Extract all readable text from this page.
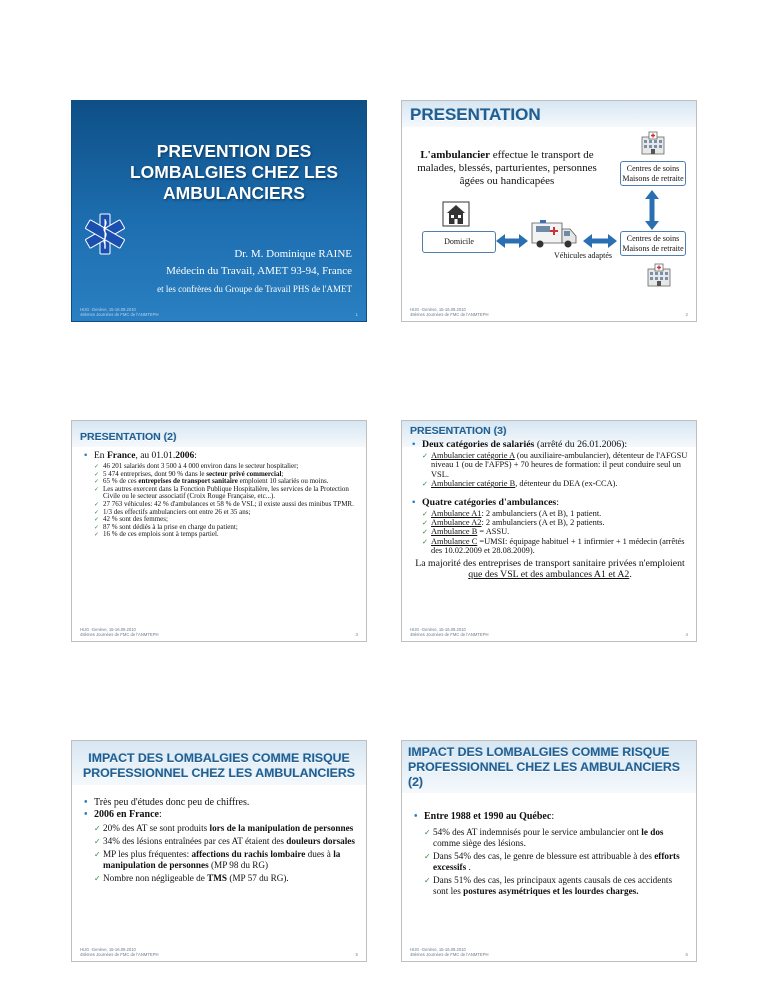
PREVENTION DES LOMBALGIES CHEZ LES AMBULANCIERS
Dr. M. Dominique RAINE
Médecin du Travail, AMET 93-94, France
et les confrères du Groupe de Travail PHS de l'AMET
HUG -Genève, 15-16.09.2010
48èmes Journées de FMC de l'ANMTEPH	1
PRESENTATION
L'ambulancier effectue le transport de malades, blessés, parturientes, personnes âgées ou handicapées
Centres de soins Maisons de retraite
Centres de soins Maisons de retraite
Domicile
Véhicules adaptés
HUG -Genève, 15-16.09.2010
48èmes Journées de FMC de l'ANMTEPH	2
PRESENTATION (2)
• En France, au 01.01.2006:
✓ 46 201 salariés dont 3 500 à 4 000 environ dans le secteur hospitalier;
✓ 5 474 entreprises, dont 90 % dans le secteur privé commercial;
✓ 65 % de ces entreprises de transport sanitaire emploient 10 salariés ou moins.
✓ Les autres exercent dans la Fonction Publique Hospitalière, les services de la Protection Civile ou le secteur associatif (Croix Rouge Française, etc...).
✓ 27 763 véhicules: 42 % d'ambulances et 58 % de VSL; il existe aussi des minibus TPMR.
✓ 1/3 des effectifs ambulanciers ont entre 26 et 35 ans;
✓ 42 % sont des femmes;
✓ 87 % sont dédiés à la prise en charge du patient;
✓ 16 % de ces emplois sont à temps partiel.
HUG -Genève, 15-16.09.2010
48èmes Journées de FMC de l'ANMTEPH	3
PRESENTATION (3)
• Deux catégories de salariés (arrêté du 26.01.2006):
✓ Ambulancier catégorie A (ou auxiliaire-ambulancier), détenteur de l'AFGSU niveau 1 (ou de l'AFPS) + 70 heures de formation: il peut conduire seul un VSL.
✓ Ambulancier catégorie B, détenteur du DEA (ex-CCA).
• Quatre catégories d'ambulances:
✓ Ambulance A1: 2 ambulanciers (A et B), 1 patient.
✓ Ambulance A2: 2 ambulanciers (A et B), 2 patients.
✓ Ambulance B = ASSU.
✓ Ambulance C =UMSI: équipage habituel + 1 infirmier + 1 médecin (arrêtés des 10.02.2009 et 28.08.2009).
La majorité des entreprises de transport sanitaire privées n'emploient que des VSL et des ambulances A1 et A2.
HUG -Genève, 15-16.09.2010
48èmes Journées de FMC de l'ANMTEPH	4
IMPACT DES LOMBALGIES COMME RISQUE PROFESSIONNEL CHEZ LES AMBULANCIERS
• Très peu d'études donc peu de chiffres.
• 2006 en France:
✓ 20% des AT se sont produits lors de la manipulation de personnes
✓ 34% des lésions entraînées par ces AT étaient des douleurs dorsales
✓ MP les plus fréquentes: affections du rachis lombaire dues à la manipulation de personnes (MP 98 du RG)
✓ Nombre non négligeable de TMS (MP 57 du RG).
HUG -Genève, 15-16.09.2010
48èmes Journées de FMC de l'ANMTEPH	5
IMPACT DES LOMBALGIES COMME RISQUE PROFESSIONNEL CHEZ LES AMBULANCIERS (2)
• Entre 1988 et 1990 au Québec:
✓ 54% des AT indemnisés pour le service ambulancier ont le dos comme siège des lésions.
✓ Dans 54% des cas, le genre de blessure est attribuable à des efforts excessifs .
✓ Dans 51% des cas, les principaux agents causals de ces accidents sont les postures asymétriques et les lourdes charges.
HUG -Genève, 15-16.09.2010
48èmes Journées de FMC de l'ANMTEPH	6
